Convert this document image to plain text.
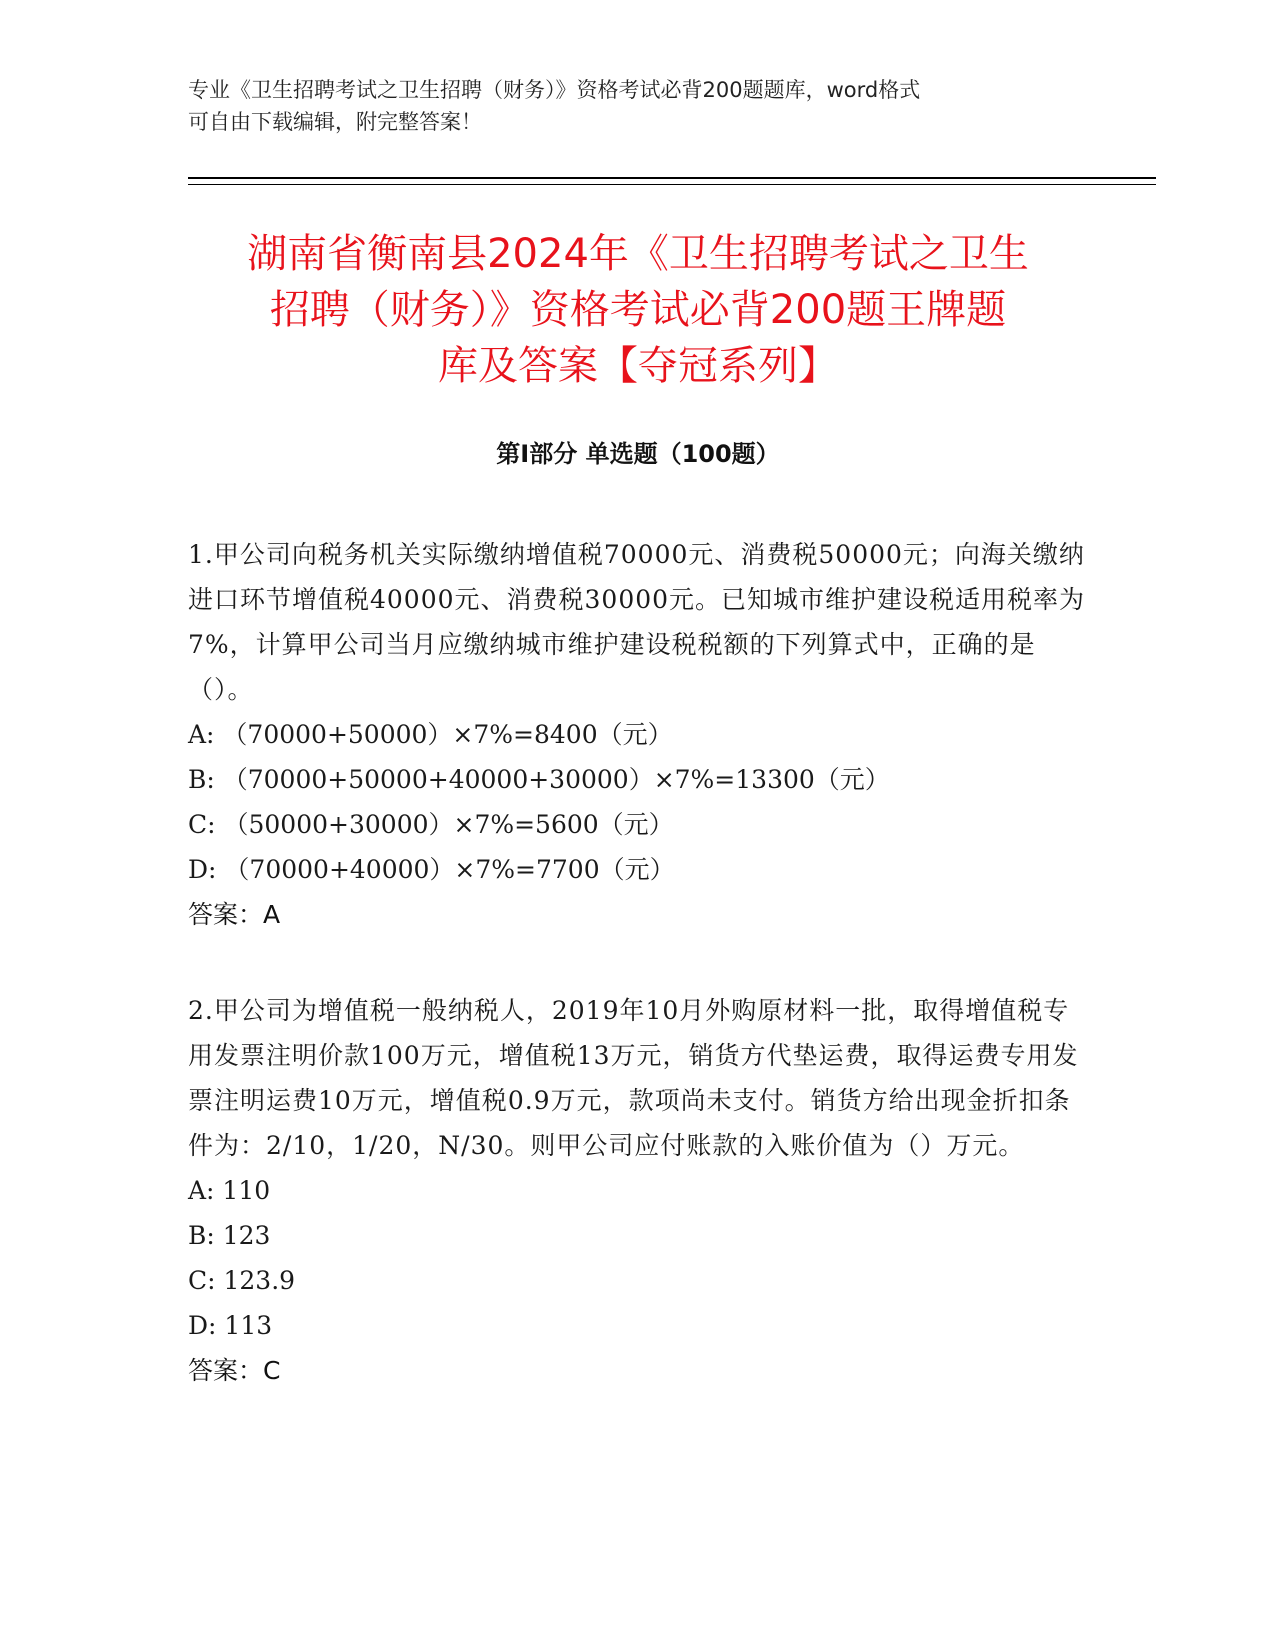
专业《卫生招聘考试之卫生招聘（财务）》资格考试必背200题题库，word格式
可自由下载编辑，附完整答案！
湖南省衡南县2024年《卫生招聘考试之卫生
招聘（财务）》资格考试必背200题王牌题
库及答案【夺冠系列】
第Ⅰ部分 单选题（100题）
1.甲公司向税务机关实际缴纳增值税70000元、消费税50000元；向海关缴纳进口环节增值税40000元、消费税30000元。已知城市维护建设税适用税率为7%，计算甲公司当月应缴纳城市维护建设税税额的下列算式中，正确的是（）。
A: （70000+50000）×7%=8400（元）
B: （70000+50000+40000+30000）×7%=13300（元）
C: （50000+30000）×7%=5600（元）
D: （70000+40000）×7%=7700（元）
答案：A
2.甲公司为增值税一般纳税人，2019年10月外购原材料一批，取得增值税专用发票注明价款100万元，增值税13万元，销货方代垫运费，取得运费专用发票注明运费10万元，增值税0.9万元，款项尚未支付。销货方给出现金折扣条件为：2/10，1/20，N/30。则甲公司应付账款的入账价值为（）万元。
A: 110
B: 123
C: 123.9
D: 113
答案：C
